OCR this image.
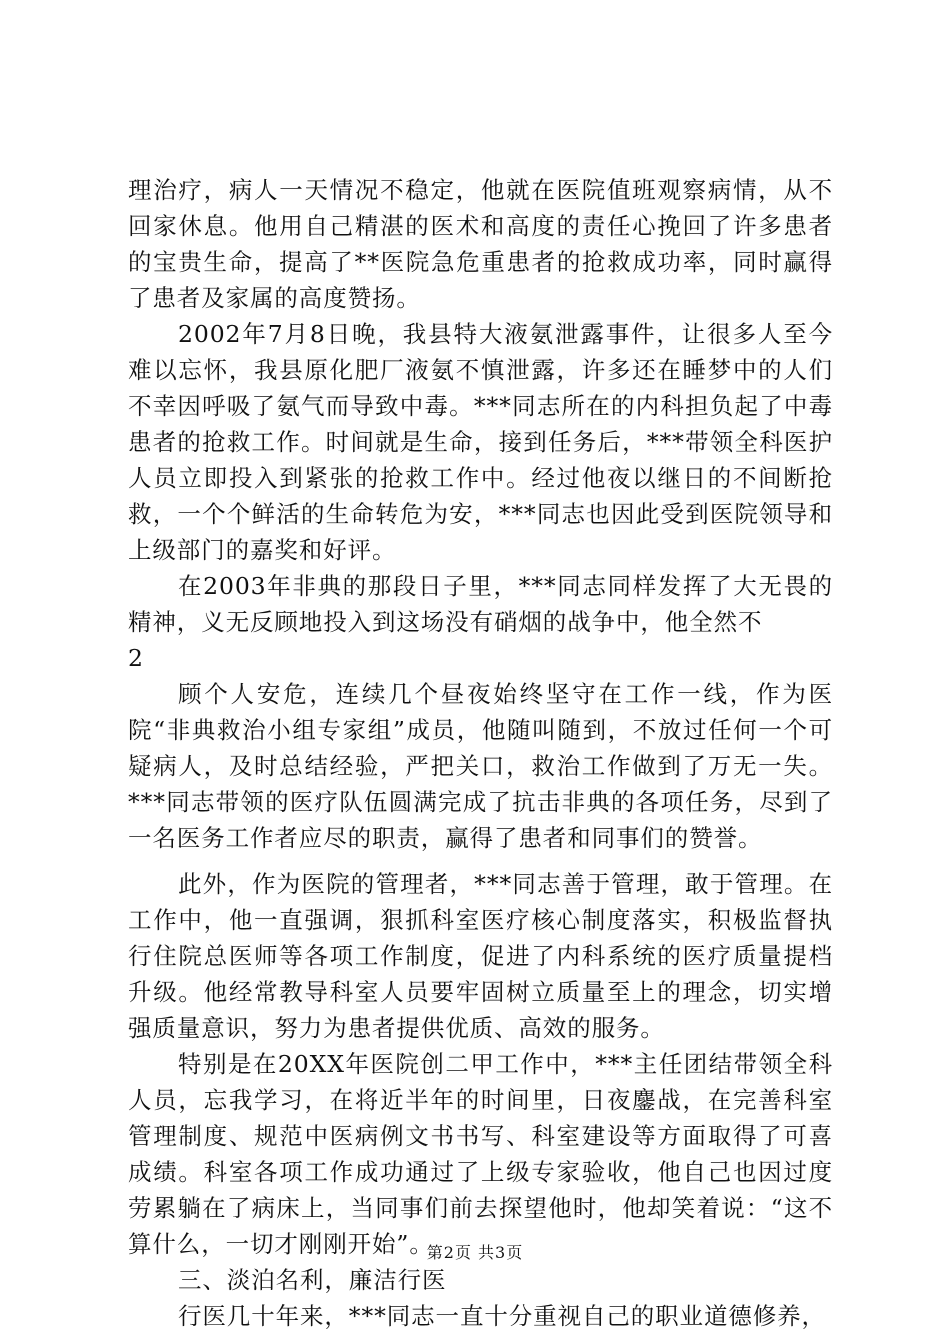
理治疗，病人一天情况不稳定，他就在医院值班观察病情，从不回家休息。他用自己精湛的医术和高度的责任心挽回了许多患者的宝贵生命，提高了**医院急危重患者的抢救成功率，同时赢得了患者及家属的高度赞扬。

2002年7月8日晚，我县特大液氨泄露事件，让很多人至今难以忘怀，我县原化肥厂液氨不慎泄露，许多还在睡梦中的人们不幸因呼吸了氨气而导致中毒。***同志所在的内科担负起了中毒患者的抢救工作。时间就是生命，接到任务后，***带领全科医护人员立即投入到紧张的抢救工作中。经过他夜以继日的不间断抢救，一个个鲜活的生命转危为安，***同志也因此受到医院领导和上级部门的嘉奖和好评。

在2003年非典的那段日子里，***同志同样发挥了大无畏的精神，义无反顾地投入到这场没有硝烟的战争中，他全然不

2

顾个人安危，连续几个昼夜始终坚守在工作一线，作为医院“非典救治小组专家组”成员，他随叫随到，不放过任何一个可疑病人，及时总结经验，严把关口，救治工作做到了万无一失。***同志带领的医疗队伍圆满完成了抗击非典的各项任务，尽到了一名医务工作者应尽的职责，赢得了患者和同事们的赞誉。

此外，作为医院的管理者，***同志善于管理，敢于管理。在工作中，他一直强调，狠抓科室医疗核心制度落实，积极监督执行住院总医师等各项工作制度，促进了内科系统的医疗质量提档升级。他经常教导科室人员要牢固树立质量至上的理念，切实增强质量意识，努力为患者提供优质、高效的服务。

特别是在20XX年医院创二甲工作中，***主任团结带领全科人员，忘我学习，在将近半年的时间里，日夜鏖战，在完善科室管理制度、规范中医病例文书书写、科室建设等方面取得了可喜成绩。科室各项工作成功通过了上级专家验收，他自己也因过度劳累躺在了病床上，当同事们前去探望他时，他却笑着说：“这不算什么，一切才刚刚开始”。

三、淡泊名利，廉洁行医

行医几十年来，***同志一直十分重视自己的职业道德修养，

第2页 共3页
